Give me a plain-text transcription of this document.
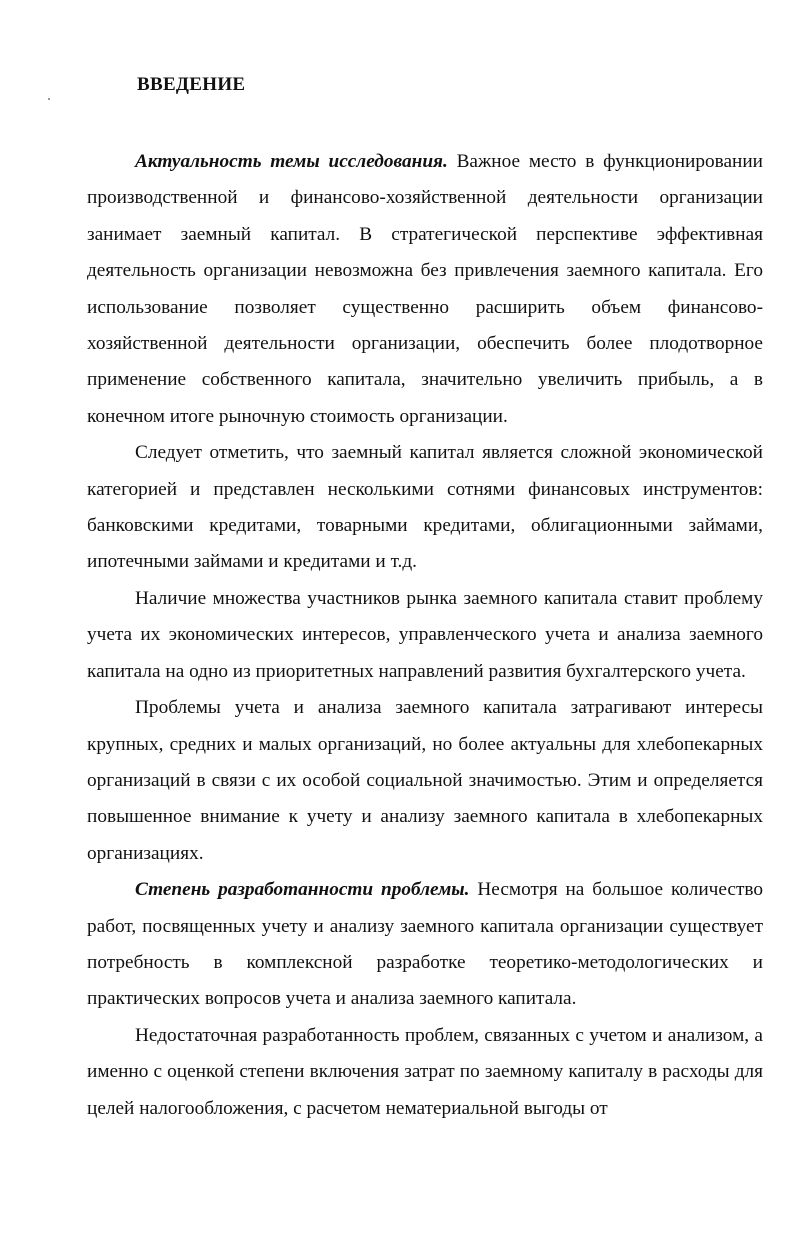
ВВЕДЕНИЕ

Актуальность темы исследования. Важное место в функционировании производственной и финансово-хозяйственной деятельности организации занимает заемный капитал. В стратегической перспективе эффективная деятельность организации невозможна без привлечения заемного капитала. Его использование позволяет существенно расширить объем финансово-хозяйственной деятельности организации, обеспечить более плодотворное применение собственного капитала, значительно увеличить прибыль, а в конечном итоге рыночную стоимость организации.

Следует отметить, что заемный капитал является сложной экономической категорией и представлен несколькими сотнями финансовых инструментов: банковскими кредитами, товарными кредитами, облигационными займами, ипотечными займами и кредитами и т.д.

Наличие множества участников рынка заемного капитала ставит проблему учета их экономических интересов, управленческого учета и анализа заемного капитала на одно из приоритетных направлений развития бухгалтерского учета.

Проблемы учета и анализа заемного капитала затрагивают интересы крупных, средних и малых организаций, но более актуальны для хлебопекарных организаций в связи с их особой социальной значимостью. Этим и определяется повышенное внимание к учету и анализу заемного капитала в хлебопекарных организациях.

Степень разработанности проблемы. Несмотря на большое количество работ, посвященных учету и анализу заемного капитала организации существует потребность в комплексной разработке теоретико-методологических и практических вопросов учета и анализа заемного капитала.

Недостаточная разработанность проблем, связанных с учетом и анализом, а именно с оценкой степени включения затрат по заемному капиталу в расходы для целей налогообложения, с расчетом нематериальной выгоды от
